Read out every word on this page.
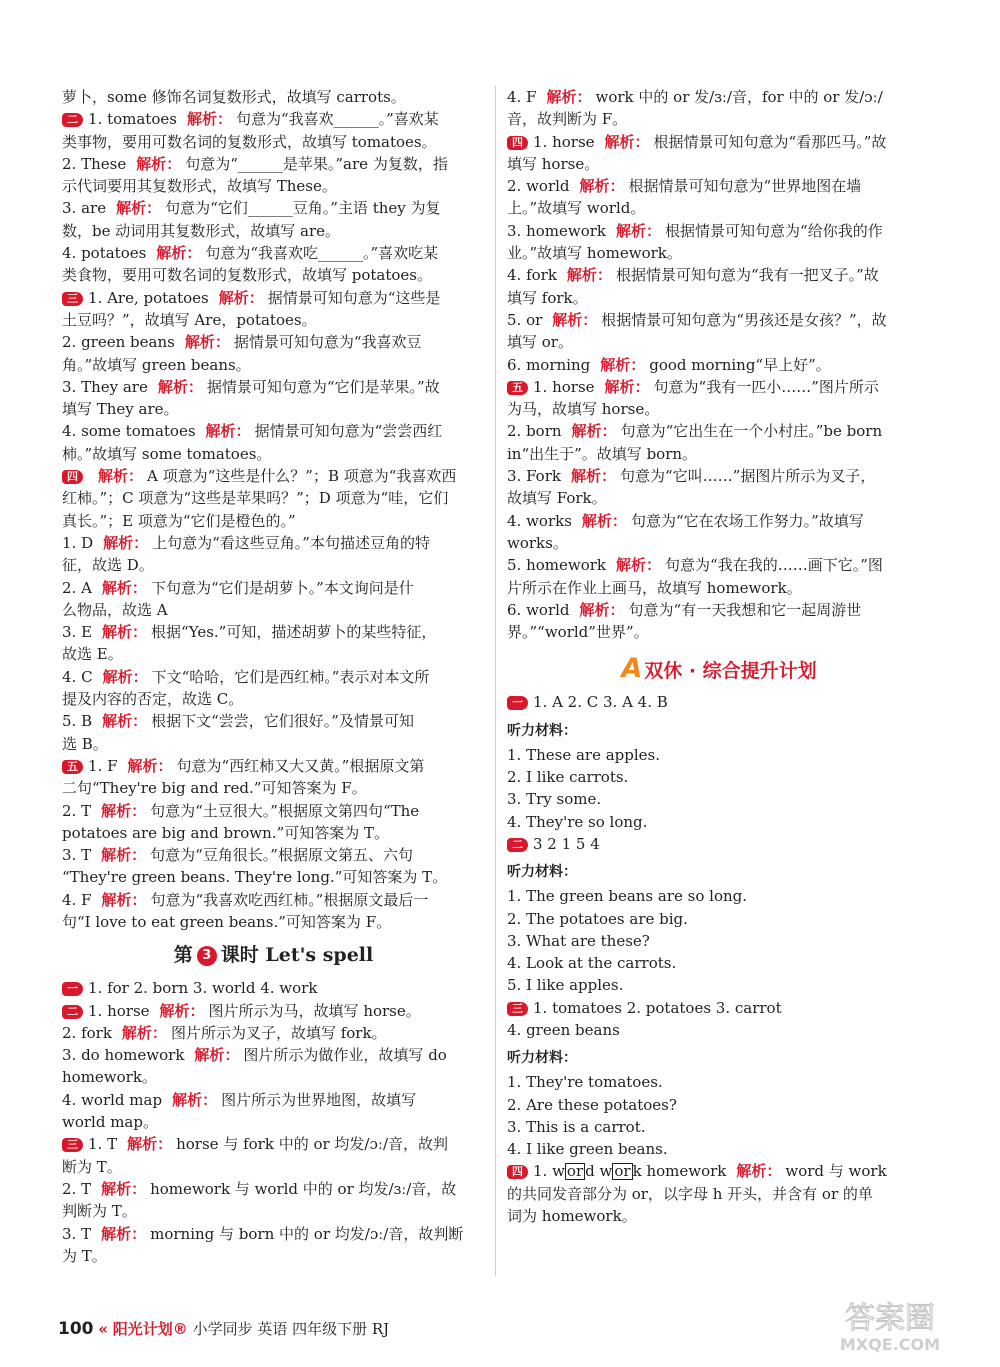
萝卜，some 修饰名词复数形式，故填写 carrots。
二 1. tomatoes 解析： 句意为“我喜欢______。”喜欢某
类事物，要用可数名词的复数形式，故填写 tomatoes。
2. These 解析： 句意为“______是苹果。”are 为复数，指
示代词要用其复数形式，故填写 These。
3. are 解析： 句意为“它们______豆角。”主语 they 为复
数，be 动词用其复数形式，故填写 are。
4. potatoes 解析： 句意为“我喜欢吃______。”喜欢吃某
类食物，要用可数名词的复数形式，故填写 potatoes。
三 1. Are, potatoes 解析： 据情景可知句意为“这些是
土豆吗？”，故填写 Are，potatoes。
2. green beans 解析： 据情景可知句意为“我喜欢豆
角。”故填写 green beans。
3. They are 解析： 据情景可知句意为“它们是苹果。”故
填写 They are。
4. some tomatoes 解析： 据情景可知句意为“尝尝西红
柿。”故填写 some tomatoes。
四 解析： A 项意为“这些是什么？”；B 项意为“我喜欢西
红柿。”；C 项意为“这些是苹果吗？”；D 项意为“哇，它们
真长。”；E 项意为“它们是橙色的。”
1. D 解析： 上句意为“看这些豆角。”本句描述豆角的特
征，故选 D。
2. A 解析： 下句意为“它们是胡萝卜。”本文询问是什
么物品，故选 A
3. E 解析： 根据“Yes.”可知，描述胡萝卜的某些特征，
故选 E。
4. C 解析： 下文“哈哈，它们是西红柿。”表示对本文所
提及内容的否定，故选 C。
5. B 解析： 根据下文“尝尝，它们很好。”及情景可知
选 B。
五 1. F 解析： 句意为“西红柿又大又黄。”根据原文第
二句“They're big and red.”可知答案为 F。
2. T 解析： 句意为“土豆很大。”根据原文第四句“The
potatoes are big and brown.”可知答案为 T。
3. T 解析： 句意为“豆角很长。”根据原文第五、六句
“They're green beans. They're long.”可知答案为 T。
4. F 解析： 句意为“我喜欢吃西红柿。”根据原文最后一
句“I love to eat green beans.”可知答案为 F。
第 3 课时 Let's spell
一 1. for 2. born 3. world 4. work
二 1. horse 解析： 图片所示为马，故填写 horse。
2. fork 解析： 图片所示为叉子，故填写 fork。
3. do homework 解析： 图片所示为做作业，故填写 do
homework。
4. world map 解析： 图片所示为世界地图，故填写
world map。
三 1. T 解析： horse 与 fork 中的 or 均发/ɔː/音，故判
断为 T。
2. T 解析： homework 与 world 中的 or 均发/ɜː/音，故
判断为 T。
3. T 解析： morning 与 born 中的 or 均发/ɔː/音，故判断
为 T。
4. F 解析： work 中的 or 发/ɜː/音，for 中的 or 发/ɔː/
音，故判断为 F。
四 1. horse 解析： 根据情景可知句意为“看那匹马。”故
填写 horse。
2. world 解析： 根据情景可知句意为“世界地图在墙
上。”故填写 world。
3. homework 解析： 根据情景可知句意为“给你我的作
业。”故填写 homework。
4. fork 解析： 根据情景可知句意为“我有一把叉子。”故
填写 fork。
5. or 解析： 根据情景可知句意为“男孩还是女孩？”，故
填写 or。
6. morning 解析： good morning“早上好”。
五 1. horse 解析： 句意为“我有一匹小……”图片所示
为马，故填写 horse。
2. born 解析： 句意为“它出生在一个小村庄。”be born
in“出生于”。故填写 born。
3. Fork 解析： 句意为“它叫……”据图片所示为叉子，
故填写 Fork。
4. works 解析： 句意为“它在农场工作努力。”故填写
works。
5. homework 解析： 句意为“我在我的……画下它。”图
片所示在作业上画马，故填写 homework。
6. world 解析： 句意为“有一天我想和它一起周游世
界。”“world”世界”。
A 双休 · 综合提升计划
一 1. A 2. C 3. A 4. B
听力材料：
1. These are apples.
2. I like carrots.
3. Try some.
4. They're so long.
二 3 2 1 5 4
听力材料：
1. The green beans are so long.
2. The potatoes are big.
3. What are these?
4. Look at the carrots.
5. I like apples.
三 1. tomatoes 2. potatoes 3. carrot
4. green beans
听力材料：
1. They're tomatoes.
2. Are these potatoes?
3. This is a carrot.
4. I like green beans.
四 1. w or d w or k homework 解析： word 与 work
的共同发音部分为 or，以字母 h 开头，并含有 or 的单
词为 homework。
100 « 阳光计划® 小学同步 英语 四年级下册 RJ	答案圈
MXQE.COM
